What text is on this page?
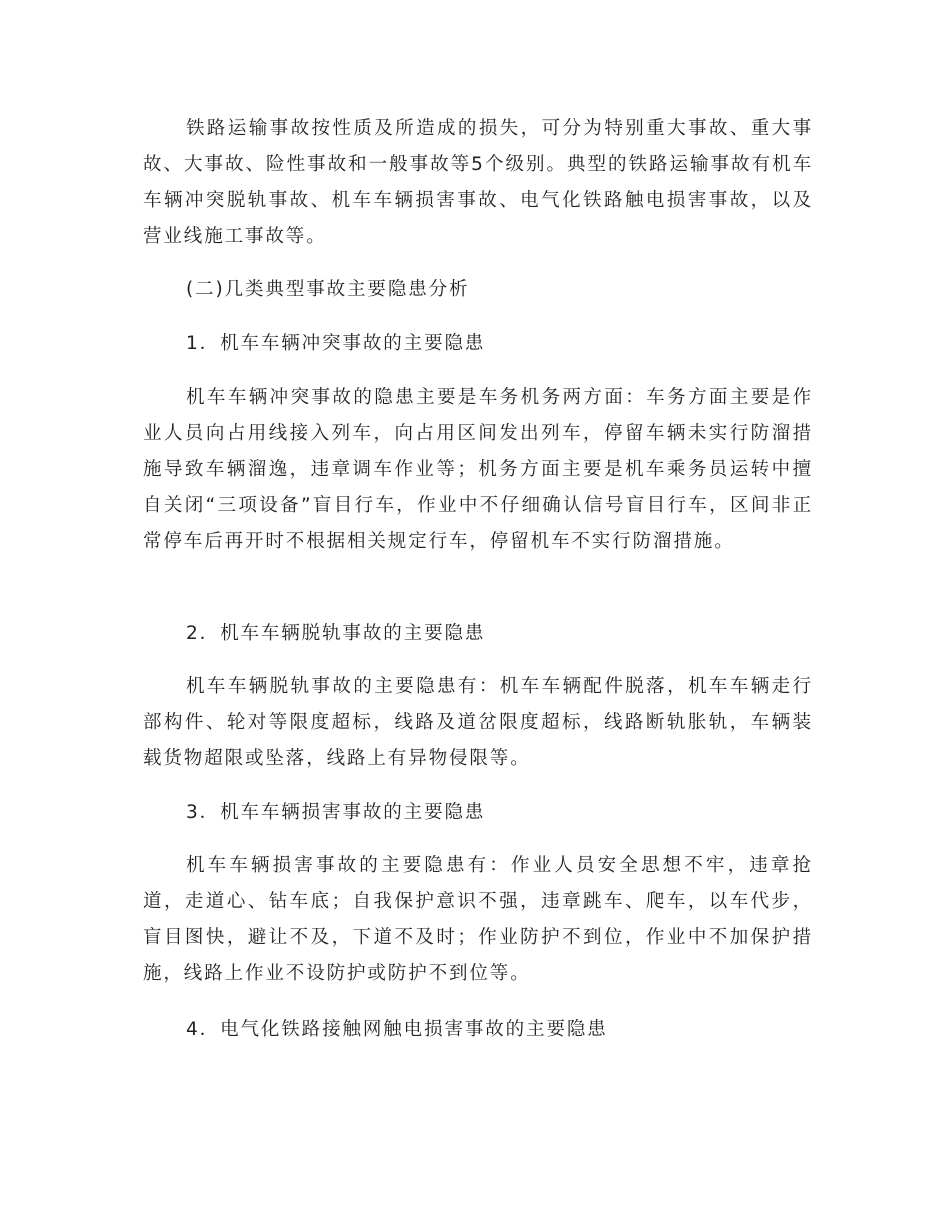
铁路运输事故按性质及所造成的损失，可分为特别重大事故、重大事故、大事故、险性事故和一般事故等5个级别。典型的铁路运输事故有机车车辆冲突脱轨事故、机车车辆损害事故、电气化铁路触电损害事故，以及营业线施工事故等。

(二)几类典型事故主要隐患分析

1．机车车辆冲突事故的主要隐患

机车车辆冲突事故的隐患主要是车务机务两方面：车务方面主要是作业人员向占用线接入列车，向占用区间发出列车，停留车辆未实行防溜措施导致车辆溜逸，违章调车作业等；机务方面主要是机车乘务员运转中擅自关闭“三项设备”盲目行车，作业中不仔细确认信号盲目行车，区间非正常停车后再开时不根据相关规定行车，停留机车不实行防溜措施。

2．机车车辆脱轨事故的主要隐患

机车车辆脱轨事故的主要隐患有：机车车辆配件脱落，机车车辆走行部构件、轮对等限度超标，线路及道岔限度超标，线路断轨胀轨，车辆装载货物超限或坠落，线路上有异物侵限等。

3．机车车辆损害事故的主要隐患

机车车辆损害事故的主要隐患有：作业人员安全思想不牢，违章抢道，走道心、钻车底；自我保护意识不强，违章跳车、爬车，以车代步，盲目图快，避让不及，下道不及时；作业防护不到位，作业中不加保护措施，线路上作业不设防护或防护不到位等。

4．电气化铁路接触网触电损害事故的主要隐患
